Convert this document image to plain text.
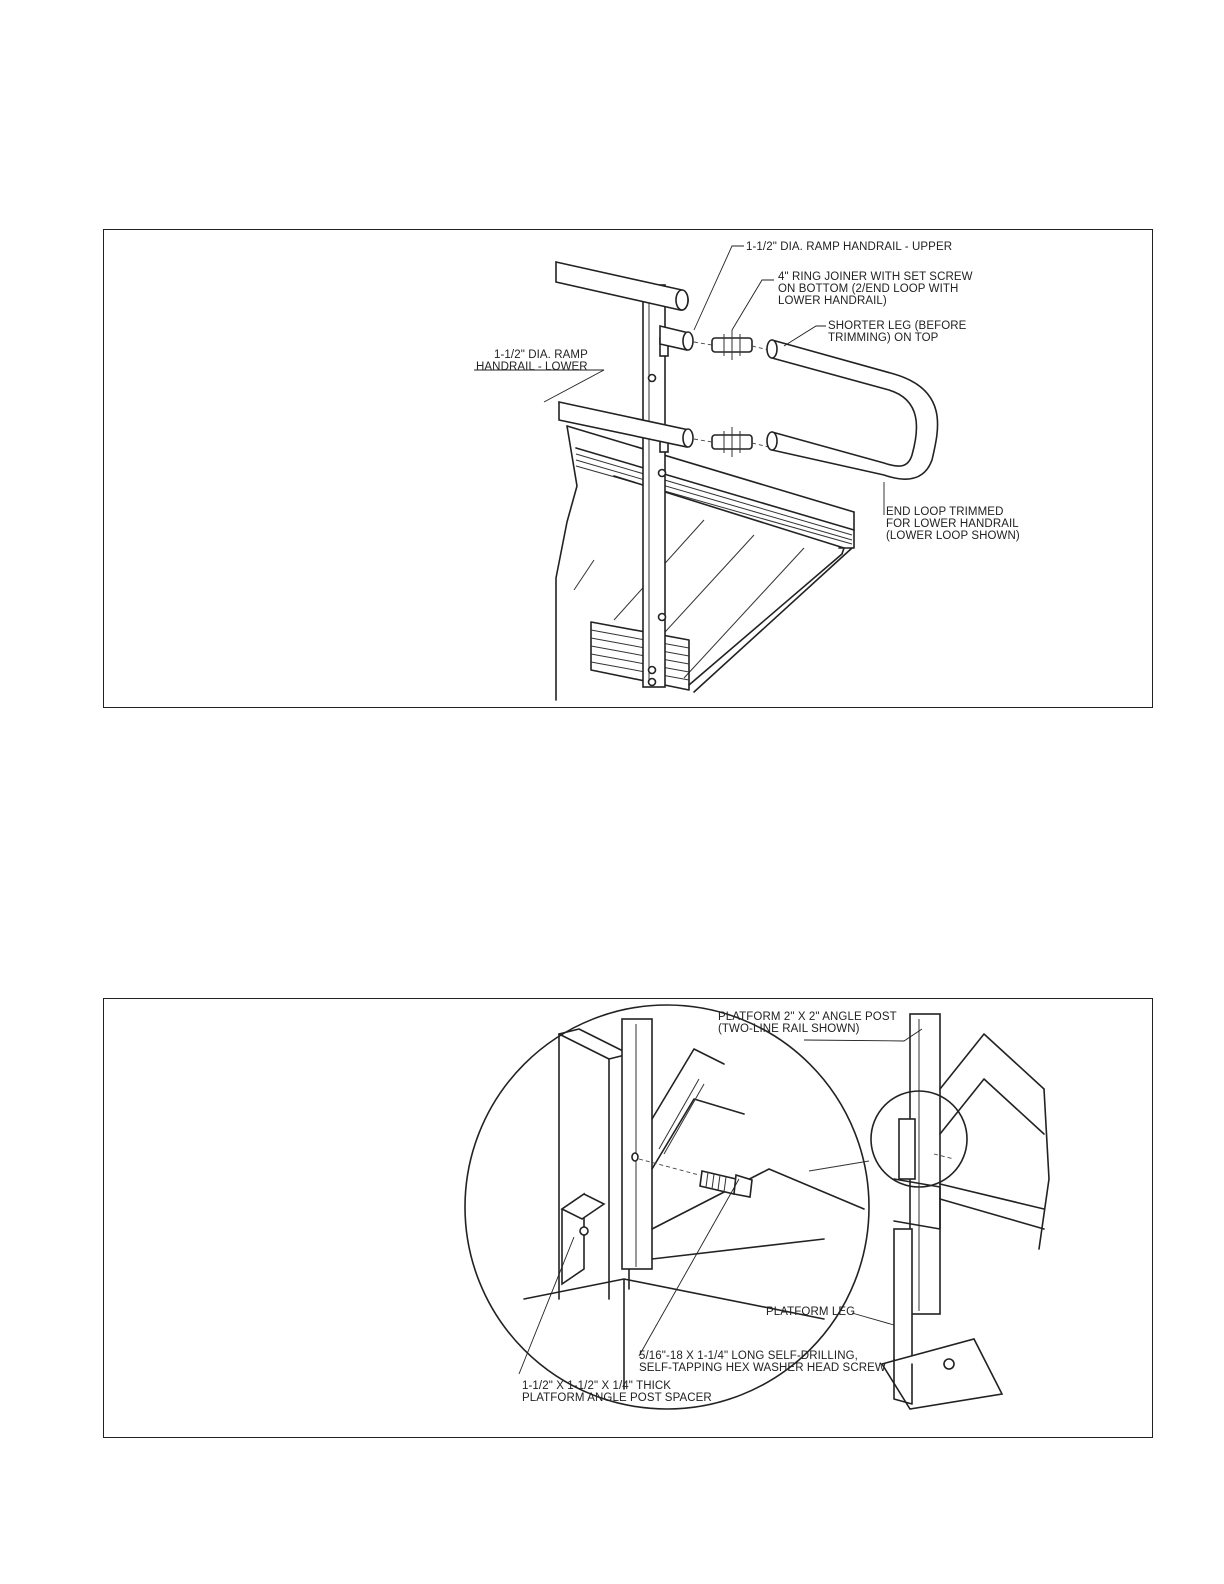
1-1/2" DIA. RAMP HANDRAIL - UPPER
4" RING JOINER WITH SET SCREW
ON BOTTOM (2/END LOOP WITH
LOWER HANDRAIL)
SHORTER LEG (BEFORE
TRIMMING) ON TOP
1-1/2" DIA. RAMP
HANDRAIL - LOWER
END LOOP TRIMMED
FOR LOWER HANDRAIL
(LOWER LOOP SHOWN)
PLATFORM 2" X 2" ANGLE POST
(TWO-LINE RAIL SHOWN)
PLATFORM LEG
5/16"-18 X 1-1/4" LONG SELF-DRILLING,
SELF-TAPPING HEX WASHER HEAD SCREW
1-1/2" X 1-1/2" X 1/4" THICK
PLATFORM ANGLE POST SPACER
